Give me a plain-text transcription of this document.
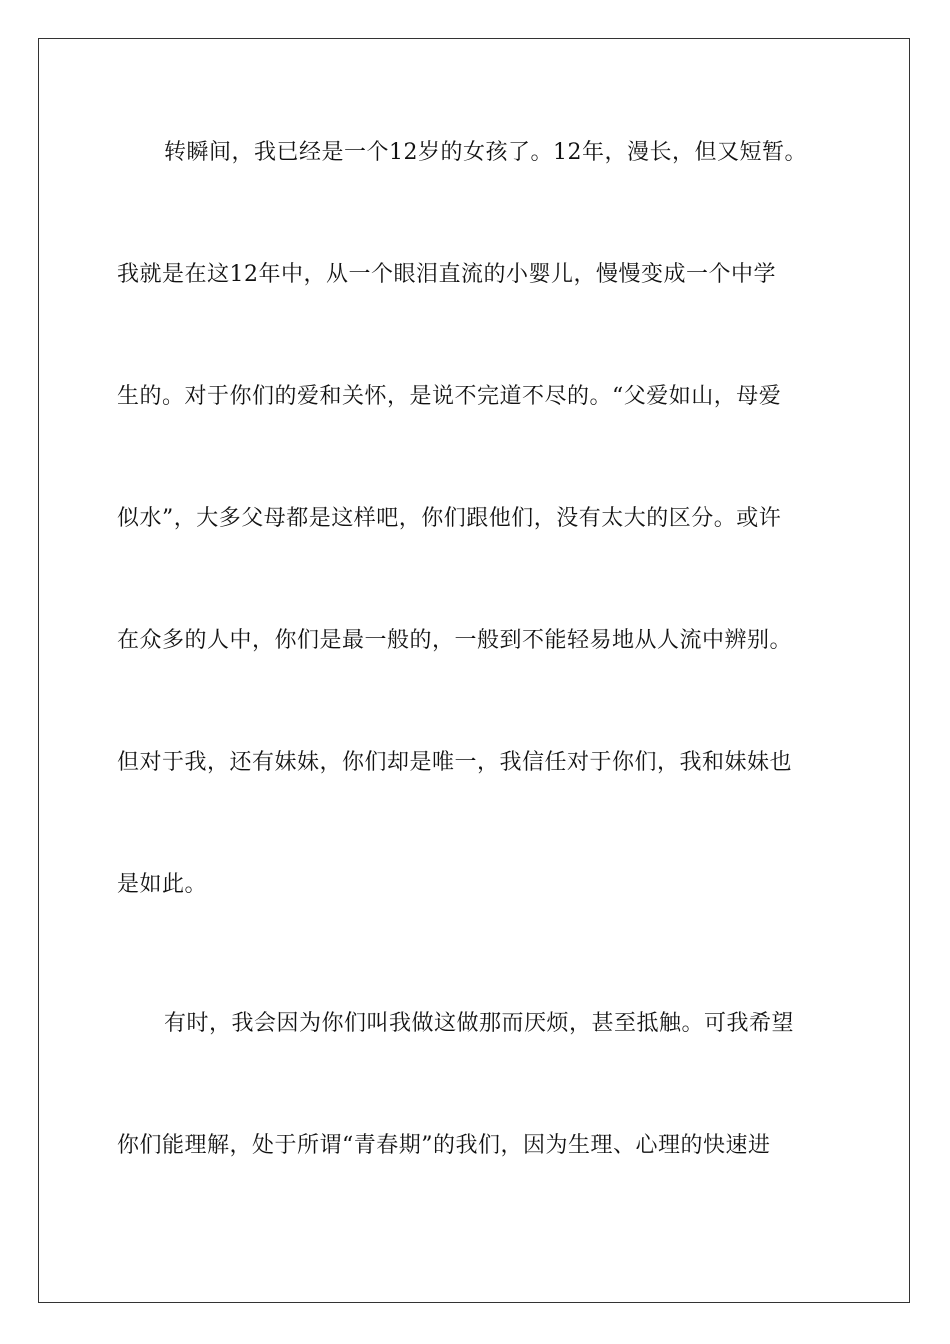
转瞬间，我已经是一个12岁的女孩了。12年，漫长，但又短暂。
我就是在这12年中，从一个眼泪直流的小婴儿，慢慢变成一个中学
生的。对于你们的爱和关怀，是说不完道不尽的。“父爱如山，母爱
似水”，大多父母都是这样吧，你们跟他们，没有太大的区分。或许
在众多的人中，你们是最一般的，一般到不能轻易地从人流中辨别。
但对于我，还有妹妹，你们却是唯一，我信任对于你们，我和妹妹也
是如此。
有时，我会因为你们叫我做这做那而厌烦，甚至抵触。可我希望
你们能理解，处于所谓“青春期”的我们，因为生理、心理的快速进
